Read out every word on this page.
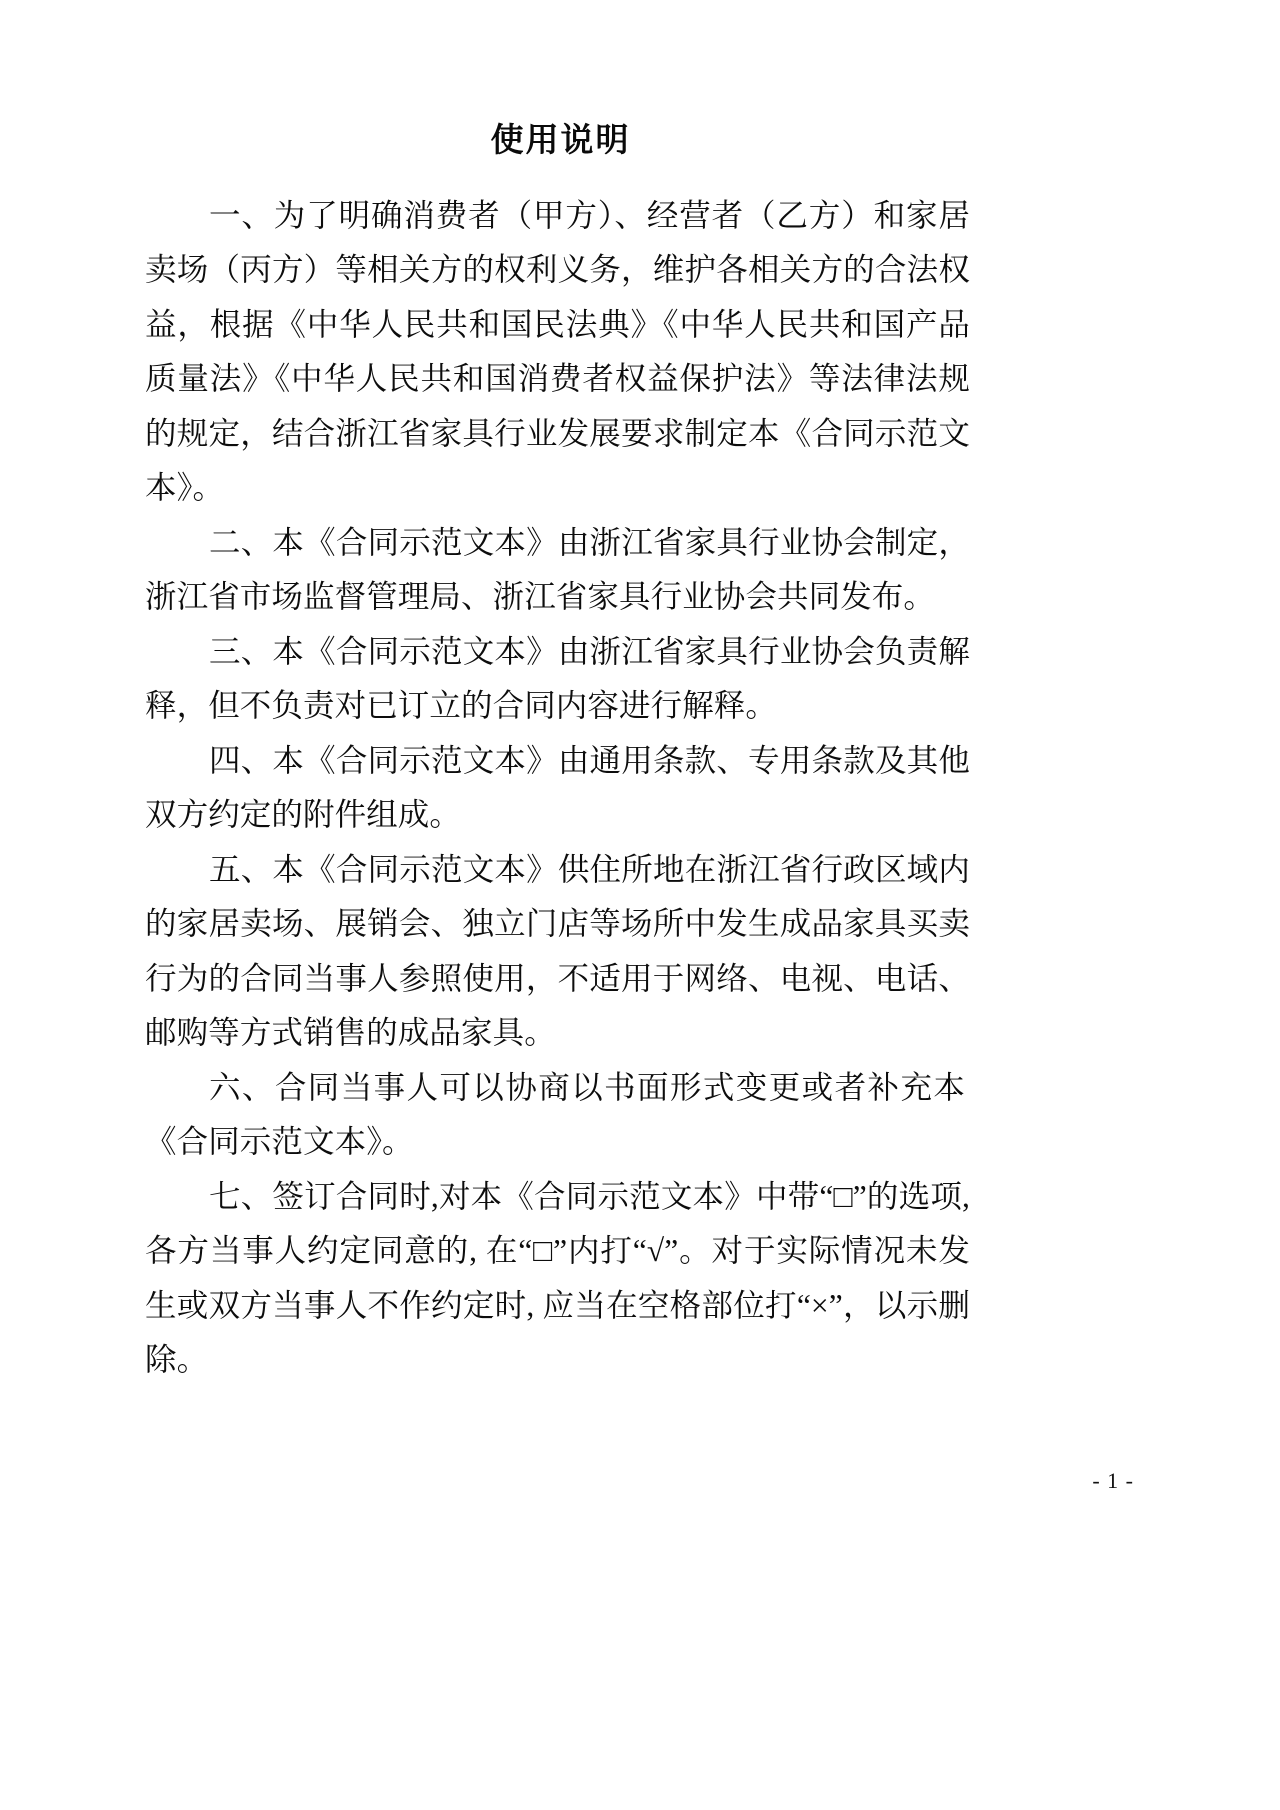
使用说明

一、为了明确消费者（甲方）、经营者（乙方）和家居卖场（丙方）等相关方的权利义务，维护各相关方的合法权益，根据《中华人民共和国民法典》《中华人民共和国产品质量法》《中华人民共和国消费者权益保护法》等法律法规的规定，结合浙江省家具行业发展要求制定本《合同示范文本》。

二、本《合同示范文本》由浙江省家具行业协会制定，浙江省市场监督管理局、浙江省家具行业协会共同发布。

三、本《合同示范文本》由浙江省家具行业协会负责解释，但不负责对已订立的合同内容进行解释。

四、本《合同示范文本》由通用条款、专用条款及其他双方约定的附件组成。

五、本《合同示范文本》供住所地在浙江省行政区域内的家居卖场、展销会、独立门店等场所中发生成品家具买卖行为的合同当事人参照使用，不适用于网络、电视、电话、邮购等方式销售的成品家具。

六、合同当事人可以协商以书面形式变更或者补充本《合同示范文本》。

七、签订合同时,对本《合同示范文本》中带“□”的选项, 各方当事人约定同意的, 在“□”内打“√”。对于实际情况未发生或双方当事人不作约定时, 应当在空格部位打“×”，以示删除。

- 1 -
